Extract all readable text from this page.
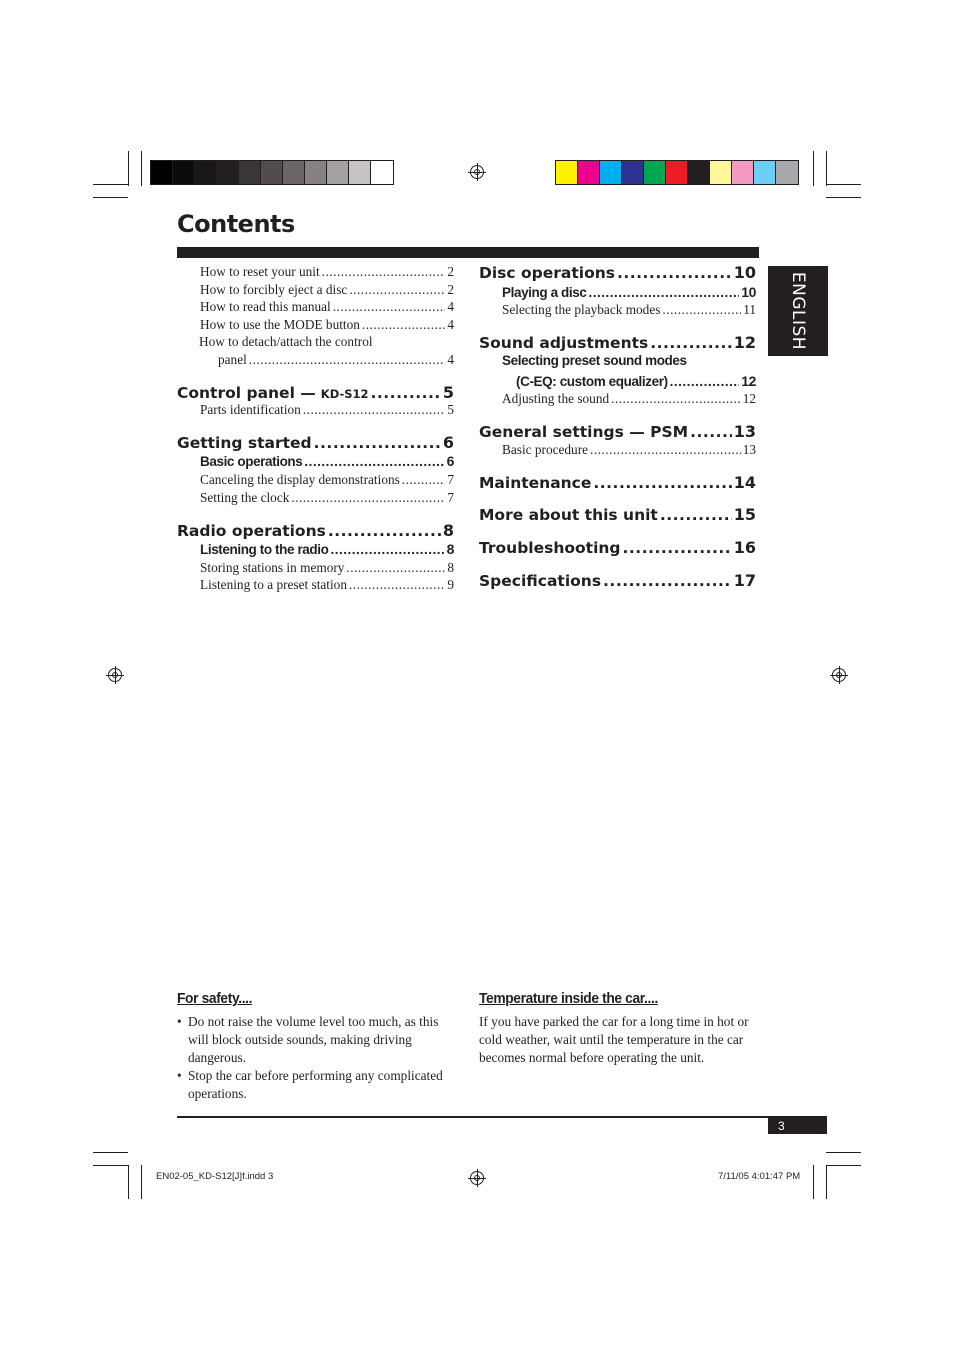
Contents
ENGLISH
How to reset your unit .....	2
How to forcibly eject a disc .....	2
How to read this manual .....	4
How to use the MODE button .....	4
How to detach/attach the control
panel .....	4
Control panel — KD-S12 .....	5
Parts identification .....	5
Getting started .....	6
Basic operations .....	6
Canceling the display demonstrations .....	7
Setting the clock .....	7
Radio operations .....	8
Listening to the radio .....	8
Storing stations in memory .....	8
Listening to a preset station .....	9
Disc operations .....	10
Playing a disc .....	10
Selecting the playback modes .....	11
Sound adjustments .....	12
Selecting preset sound modes
(C-EQ: custom equalizer) .....	12
Adjusting the sound .....	12
General settings — PSM .....	13
Basic procedure .....	13
Maintenance .....	14
More about this unit .....	15
Troubleshooting .....	16
Specifications .....	17
For safety....
• Do not raise the volume level too much, as this will block outside sounds, making driving dangerous.
• Stop the car before performing any complicated operations.
Temperature inside the car....
If you have parked the car for a long time in hot or cold weather, wait until the temperature in the car becomes normal before operating the unit.
3
EN02-05_KD-S12[J]f.indd 3	7/11/05 4:01:47 PM
